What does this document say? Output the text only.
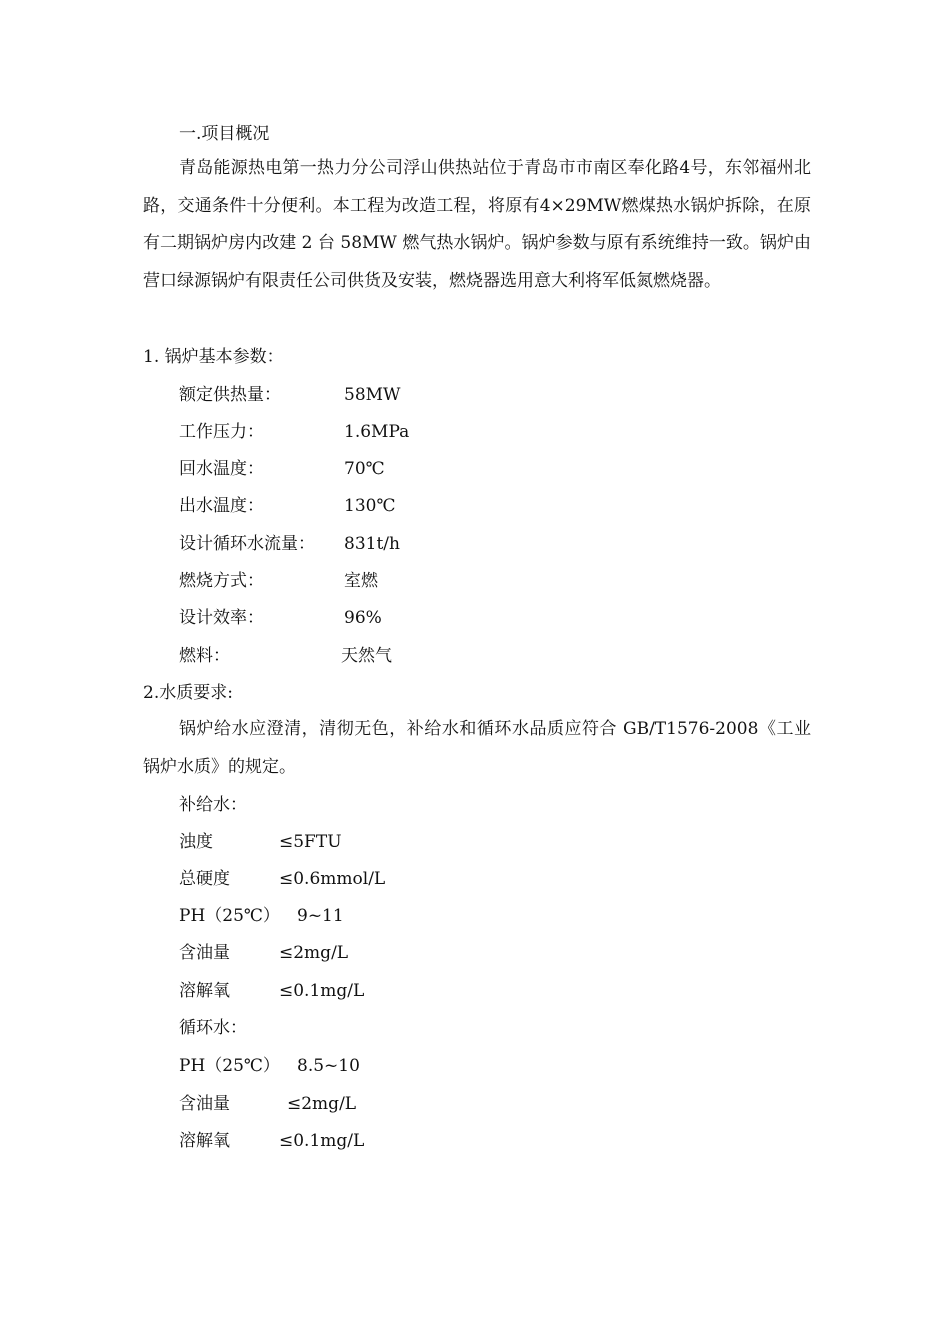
一.项目概况

青岛能源热电第一热力分公司浮山供热站位于青岛市市南区奉化路4号，东邻福州北路，交通条件十分便利。本工程为改造工程，将原有4×29MW燃煤热水锅炉拆除，在原有二期锅炉房内改建 2 台 58MW 燃气热水锅炉。锅炉参数与原有系统维持一致。锅炉由营口绿源锅炉有限责任公司供货及安装，燃烧器选用意大利将军低氮燃烧器。

1. 锅炉基本参数：
额定供热量：	58MW
工作压力：	1.6MPa
回水温度：	70℃
出水温度：	130℃
设计循环水流量： 831t/h
燃烧方式：	室燃
设计效率：	96%
燃料：	天然气
2.水质要求:

锅炉给水应澄清，清彻无色，补给水和循环水品质应符合 GB/T1576-2008《工业锅炉水质》的规定。

补给水：
浊度	≤5FTU
总硬度	≤0.6mmol/L
PH（25℃） 9~11
含油量	≤2mg/L
溶解氧	≤0.1mg/L
循环水：
PH（25℃） 8.5~10
含油量	≤2mg/L
溶解氧	≤0.1mg/L
